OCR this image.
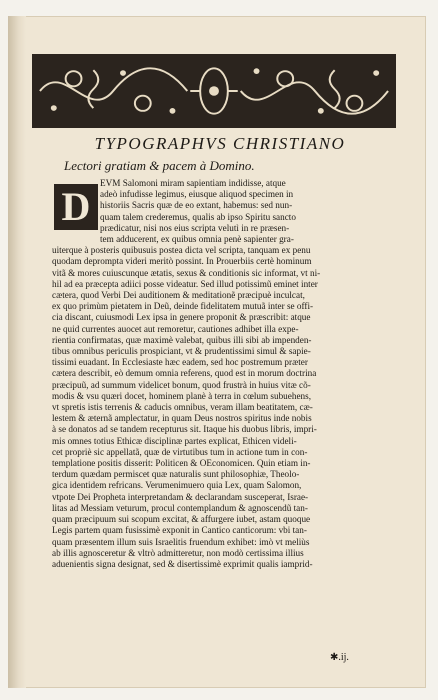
TYPOGRAPHVS CHRISTIANO
Lectori gratiam & pacem à Domino.
D
EVM Salomoni miram sapientiam indidisse, atque
adeò infudisse legimus, eiusque aliquod specimen in
historiis Sacris quæ de eo extant, habemus: sed nun-
quam talem crederemus, qualis ab ipso Spiritu sancto
prædicatur, nisi nos eius scripta velutì in re præsen-
tem adducerent, ex quibus omnia penè sapienter gra-
uiterque à posteris quibusuis postea dicta vel scripta, tanquam ex penu
quodam deprompta videri meritò possint. In Prouerbiis certè hominum
vitã & mores cuiuscunque ætatis, sexus & conditionis sic informat, vt ni-
hil ad ea præcepta adiici posse videatur. Sed illud potissimũ eminet inter
cætera, quod Verbi Dei auditionem & meditationẽ præcipuè inculcat,
ex quo primùm pietatem in Deũ, deinde fidelitatem mutuã inter se offi-
cia discant, cuiusmodi Lex ipsa in genere proponit & præscribit: atque
ne quid currentes auocet aut remoretur, cautiones adhibet illa expe-
rientia confirmatas, quæ maximè valebat, quibus illi sibi ab impenden-
tibus omnibus periculis prospiciant, vt & prudentissimi simul & sapie-
tissimi euadant. In Ecclesiaste hæc eadem, sed hoc postremum præter
cætera describit, eò demum omnia referens, quod est in morum doctrina
præcipuũ, ad summum videlicet bonum, quod frustrà in huius vitæ cõ-
modis & vsu quæri docet, hominem planè à terra in cœlum subuehens,
vt spretis istis terrenis & caducis omnibus, veram illam beatitatem, cæ-
lestem & æternã amplectatur, in quam Deus nostros spiritus inde nobis
à se donatos ad se tandem recepturus sit. Itaque his duobus libris, impri-
mis omnes totius Ethicæ disciplinæ partes explicat, Ethicen videli-
cet propriè sic appellatã, quæ de virtutibus tum in actione tum in con-
templatione positis disserit: Politicen & OEconomicen. Quin etiam in-
terdum quædam permiscet quæ naturalis sunt philosophiæ, Theolo-
gica identidem refricans. Verumenimuero quia Lex, quam Salomon,
vtpote Dei Propheta interpretandam & declarandam susceperat, Israe-
litas ad Messiam veturum, procul contemplandum & agnoscendũ tan-
quam præcipuum sui scopum excitat, & affurgere iubet, astam quoque
Legis partem quam fusissimè exponit in Cantico canticorum: vbi tan-
quam præsentem illum suis Israelitis fruendum exhibet: imò vt meliùs
ab illis agnosceretur & vltrò admitteretur, non modò certissima illius
aduenientis signa designat, sed & disertissimè exprimit qualis iamprid-
✱.ij.
